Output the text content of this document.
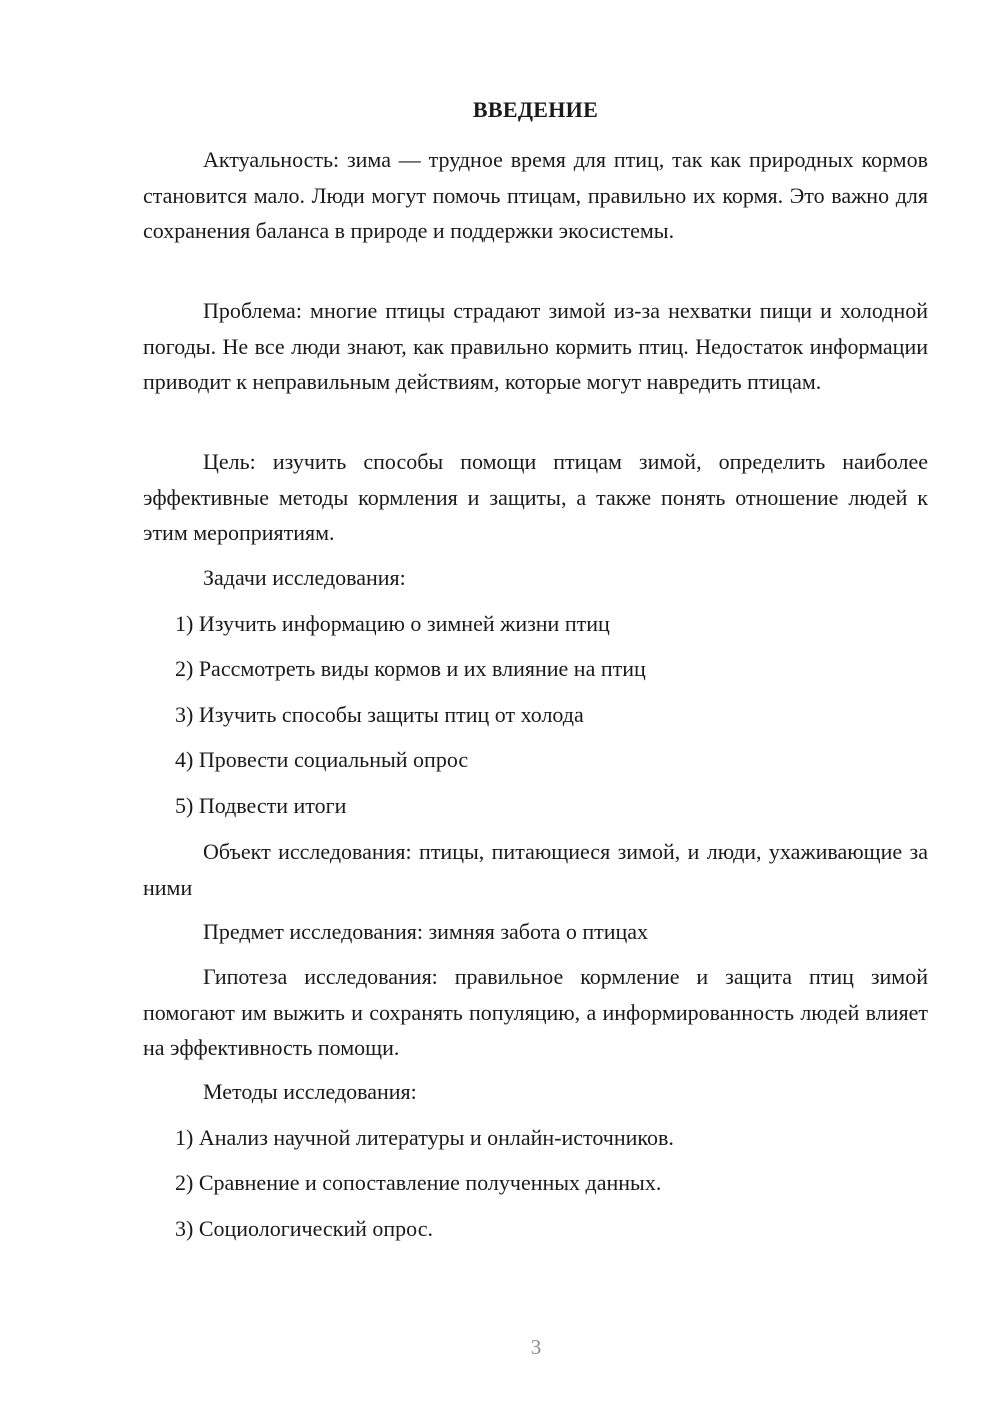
ВВЕДЕНИЕ

Актуальность: зима — трудное время для птиц, так как природных кормов становится мало. Люди могут помочь птицам, правильно их кормя. Это важно для сохранения баланса в природе и поддержки экосистемы.

Проблема: многие птицы страдают зимой из-за нехватки пищи и холодной погоды. Не все люди знают, как правильно кормить птиц. Недостаток информации приводит к неправильным действиям, которые могут навредить птицам.

Цель: изучить способы помощи птицам зимой, определить наиболее эффективные методы кормления и защиты, а также понять отношение людей к этим мероприятиям.

Задачи исследования:

1) Изучить информацию о зимней жизни птиц

2) Рассмотреть виды кормов и их влияние на птиц

3) Изучить способы защиты птиц от холода

4) Провести социальный опрос

5) Подвести итоги

Объект исследования: птицы, питающиеся зимой, и люди, ухаживающие за ними

Предмет исследования: зимняя забота о птицах

Гипотеза исследования: правильное кормление и защита птиц зимой помогают им выжить и сохранять популяцию, а информированность людей влияет на эффективность помощи.

Методы исследования:

1) Анализ научной литературы и онлайн-источников.

2) Сравнение и сопоставление полученных данных.

3) Социологический опрос.

3
